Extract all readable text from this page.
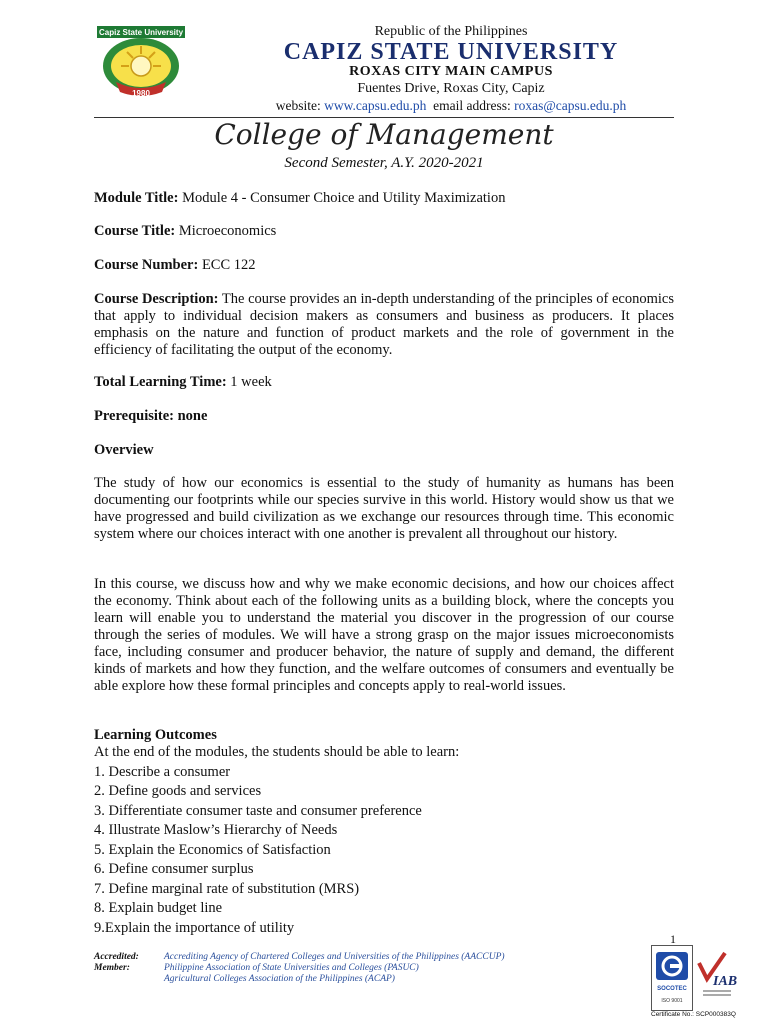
Capiz State University
1980
Republic of the Philippines
CAPIZ STATE UNIVERSITY
ROXAS CITY MAIN CAMPUS
Fuentes Drive, Roxas City, Capiz
website: www.capsu.edu.ph  email address: roxas@capsu.edu.ph
College of Management
Second Semester, A.Y. 2020-2021
Module Title: Module 4 - Consumer Choice and Utility Maximization
Course Title: Microeconomics
Course Number: ECC 122
Course Description: The course provides an in-depth understanding of the principles of economics that apply to individual decision makers as consumers and business as producers. It places emphasis on the nature and function of product markets and the role of government in the efficiency of facilitating the output of the economy.
Total Learning Time: 1 week
Prerequisite: none
Overview
The study of how our economics is essential to the study of humanity as humans has been documenting our footprints while our species survive in this world. History would show us that we have progressed and build civilization as we exchange our resources through time. This economic system where our choices interact with one another is prevalent all throughout our history.
In this course, we discuss how and why we make economic decisions, and how our choices affect the economy. Think about each of the following units as a building block, where the concepts you learn will enable you to understand the material you discover in the progression of our course through the series of modules. We will have a strong grasp on the major issues microeconomists face, including consumer and producer behavior, the nature of supply and demand, the different kinds of markets and how they function, and the welfare outcomes of consumers and eventually be able explore how these formal principles and concepts apply to real-world issues.
Learning Outcomes
At the end of the modules, the students should be able to learn:
1. Describe a consumer
2. Define goods and services
3. Differentiate consumer taste and consumer preference
4. Illustrate Maslow’s Hierarchy of Needs
5. Explain the Economics of Satisfaction
6. Define consumer surplus
7. Define marginal rate of substitution (MRS)
8. Explain budget line
9.Explain the importance of utility
1
Accredited:	Accrediting Agency of Chartered Colleges and Universities of the Philippines (AACCUP)
Member:	Philippine Association of State Universities and Colleges (PASUC)
Agricultural Colleges Association of the Philippines (ACAP)
SOCOTEC
ISO 9001
IAB
Certificate No.: SCP000383Q
